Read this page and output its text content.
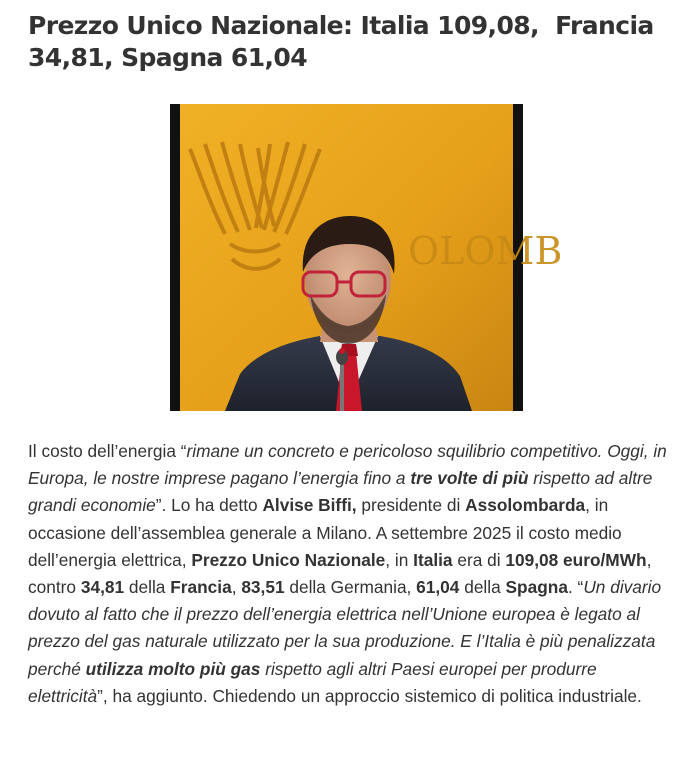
Prezzo Unico Nazionale: Italia 109,08,  Francia 34,81, Spagna 61,04
OLOMB

Il costo dell’energia “rimane un concreto e pericoloso squilibrio competitivo. Oggi, in Europa, le nostre imprese pagano l’energia fino a tre volte di più rispetto ad altre grandi economie”. Lo ha detto Alvise Biffi, presidente di Assolombarda, in occasione dell’assemblea generale a Milano. A settembre 2025 il costo medio dell’energia elettrica, Prezzo Unico Nazionale, in Italia era di 109,08 euro/MWh, contro 34,81 della Francia, 83,51 della Germania, 61,04 della Spagna. “Un divario dovuto al fatto che il prezzo dell’energia elettrica nell’Unione europea è legato al prezzo del gas naturale utilizzato per la sua produzione. E l’Italia è più penalizzata perché utilizza molto più gas rispetto agli altri Paesi europei per produrre elettricità”, ha aggiunto. Chiedendo un approccio sistemico di politica industriale.
